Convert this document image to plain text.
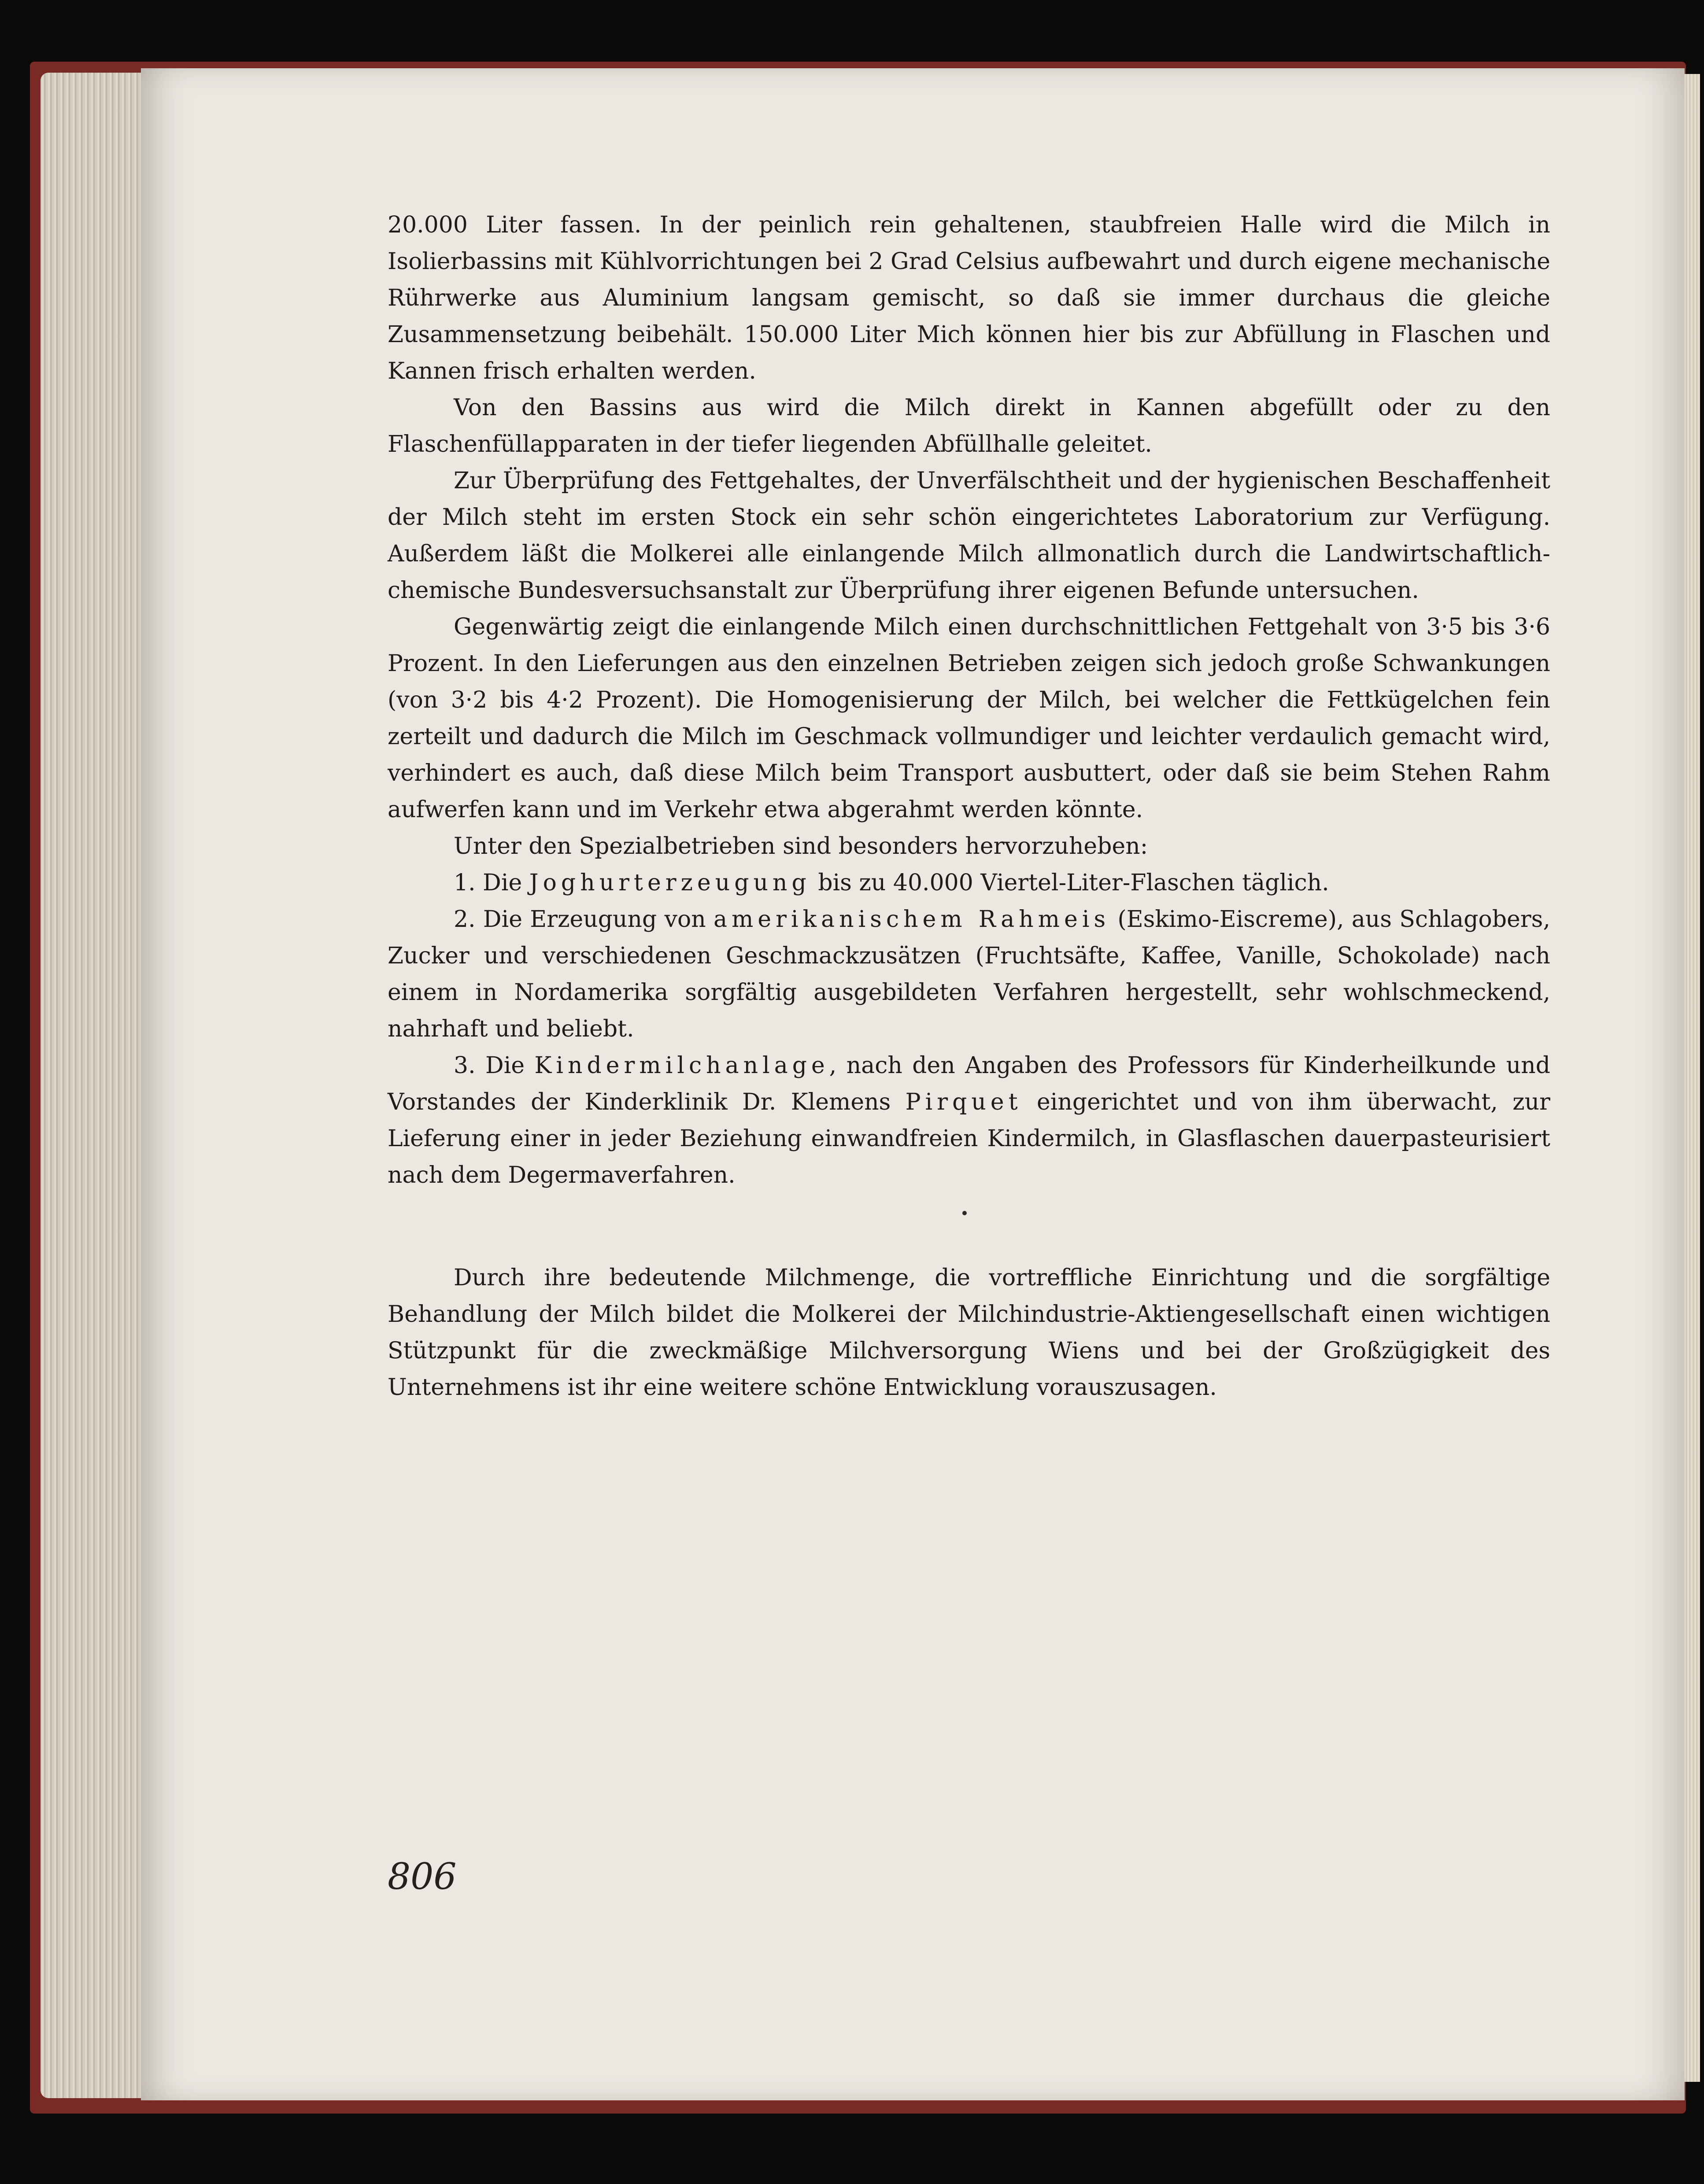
20.000 Liter fassen. In der peinlich rein gehaltenen, staubfreien Halle wird die Milch in Isolierbassins mit Kühlvorrichtungen bei 2 Grad Celsius aufbewahrt und durch eigene mechanische Rührwerke aus Aluminium langsam gemischt, so daß sie immer durchaus die gleiche Zusammensetzung beibehält. 150.000 Liter Mich können hier bis zur Abfüllung in Flaschen und Kannen frisch erhalten werden.

Von den Bassins aus wird die Milch direkt in Kannen abgefüllt oder zu den Flaschenfüllapparaten in der tiefer liegenden Abfüllhalle geleitet.

Zur Überprüfung des Fettgehaltes, der Unverfälschtheit und der hygienischen Beschaffenheit der Milch steht im ersten Stock ein sehr schön eingerichtetes Laboratorium zur Verfügung. Außerdem läßt die Molkerei alle einlangende Milch allmonatlich durch die Landwirtschaftlich-chemische Bundesversuchsanstalt zur Überprüfung ihrer eigenen Befunde untersuchen.

Gegenwärtig zeigt die einlangende Milch einen durchschnittlichen Fettgehalt von 3·5 bis 3·6 Prozent. In den Lieferungen aus den einzelnen Betrieben zeigen sich jedoch große Schwankungen (von 3·2 bis 4·2 Prozent). Die Homogenisierung der Milch, bei welcher die Fettkügelchen fein zerteilt und dadurch die Milch im Geschmack vollmundiger und leichter verdaulich gemacht wird, verhindert es auch, daß diese Milch beim Transport ausbuttert, oder daß sie beim Stehen Rahm aufwerfen kann und im Verkehr etwa abgerahmt werden könnte.

Unter den Spezialbetrieben sind besonders hervorzuheben:

1. Die Joghurterzeugung bis zu 40.000 Viertel-Liter-Flaschen täglich.

2. Die Erzeugung von amerikanischem Rahmeis (Eskimo-Eiscreme), aus Schlagobers, Zucker und verschiedenen Geschmackzusätzen (Fruchtsäfte, Kaffee, Vanille, Schokolade) nach einem in Nordamerika sorgfältig ausgebildeten Verfahren hergestellt, sehr wohlschmeckend, nahrhaft und beliebt.

3. Die Kindermilchanlage, nach den Angaben des Professors für Kinderheilkunde und Vorstandes der Kinderklinik Dr. Klemens Pirquet eingerichtet und von ihm überwacht, zur Lieferung einer in jeder Beziehung einwandfreien Kindermilch, in Glasflaschen dauerpasteurisiert nach dem Degermaverfahren.

Durch ihre bedeutende Milchmenge, die vortreffliche Einrichtung und die sorgfältige Behandlung der Milch bildet die Molkerei der Milchindustrie-Aktiengesellschaft einen wichtigen Stützpunkt für die zweckmäßige Milchversorgung Wiens und bei der Großzügigkeit des Unternehmens ist ihr eine weitere schöne Entwicklung vorauszusagen.

806
